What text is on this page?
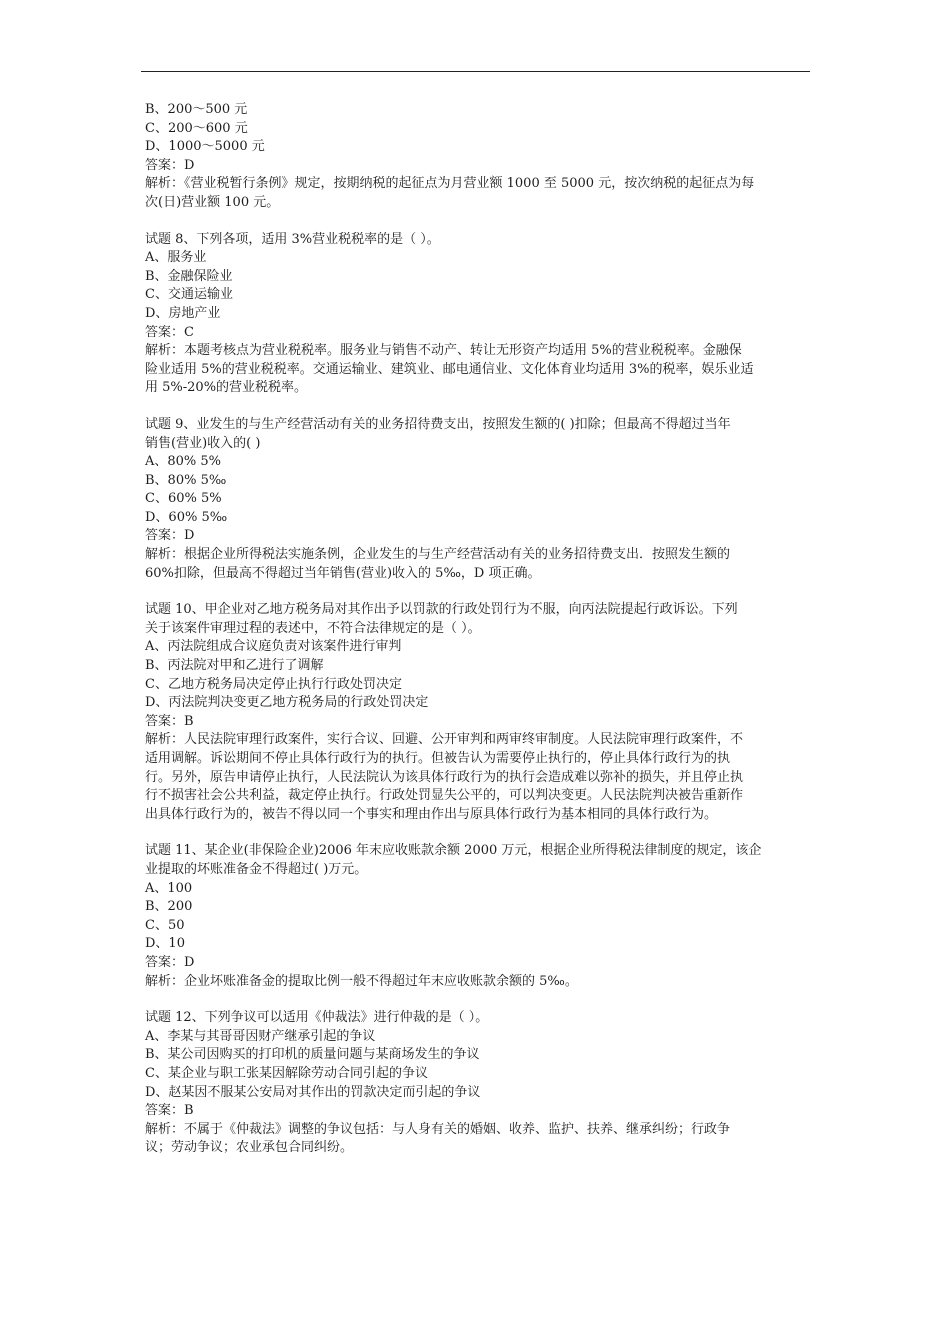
B、200～500 元
C、200～600 元
D、1000～5000 元
答案：D
解析：《营业税暂行条例》规定，按期纳税的起征点为月营业额 1000 至 5000 元，按次纳税的起征点为每
次(日)营业额 100 元。
试题 8、下列各项，适用 3%营业税税率的是（ ）。
A、服务业
B、金融保险业
C、交通运输业
D、房地产业
答案：C
解析：本题考核点为营业税税率。服务业与销售不动产、转让无形资产均适用 5%的营业税税率。金融保
险业适用 5%的营业税税率。交通运输业、建筑业、邮电通信业、文化体育业均适用 3%的税率，娱乐业适
用 5%-20%的营业税税率。
试题 9、业发生的与生产经营活动有关的业务招待费支出，按照发生额的( )扣除；但最高不得超过当年
销售(营业)收入的( )
A、80% 5%
B、80% 5‰
C、60% 5%
D、60% 5‰
答案：D
解析：根据企业所得税法实施条例，企业发生的与生产经营活动有关的业务招待费支出．按照发生额的
60%扣除，但最高不得超过当年销售(营业)收入的 5‰，D 项正确。
试题 10、甲企业对乙地方税务局对其作出予以罚款的行政处罚行为不服，向丙法院提起行政诉讼。下列
关于该案件审理过程的表述中，不符合法律规定的是（ ）。
A、丙法院组成合议庭负责对该案件进行审判
B、丙法院对甲和乙进行了调解
C、乙地方税务局决定停止执行行政处罚决定
D、丙法院判决变更乙地方税务局的行政处罚决定
答案：B
解析：人民法院审理行政案件，实行合议、回避、公开审判和两审终审制度。人民法院审理行政案件，不
适用调解。诉讼期间不停止具体行政行为的执行。但被告认为需要停止执行的，停止具体行政行为的执
行。另外，原告申请停止执行，人民法院认为该具体行政行为的执行会造成难以弥补的损失，并且停止执
行不损害社会公共利益，裁定停止执行。行政处罚显失公平的，可以判决变更。人民法院判决被告重新作
出具体行政行为的，被告不得以同一个事实和理由作出与原具体行政行为基本相同的具体行政行为。
试题 11、某企业(非保险企业)2006 年末应收账款余额 2000 万元，根据企业所得税法律制度的规定，该企
业提取的坏账准备金不得超过( )万元。
A、100
B、200
C、50
D、10
答案：D
解析：企业坏账准备金的提取比例一般不得超过年末应收账款余额的 5‰。
试题 12、下列争议可以适用《仲裁法》进行仲裁的是（ ）。
A、李某与其哥哥因财产继承引起的争议
B、某公司因购买的打印机的质量问题与某商场发生的争议
C、某企业与职工张某因解除劳动合同引起的争议
D、赵某因不服某公安局对其作出的罚款决定而引起的争议
答案：B
解析：不属于《仲裁法》调整的争议包括：与人身有关的婚姻、收养、监护、扶养、继承纠纷；行政争
议；劳动争议；农业承包合同纠纷。
